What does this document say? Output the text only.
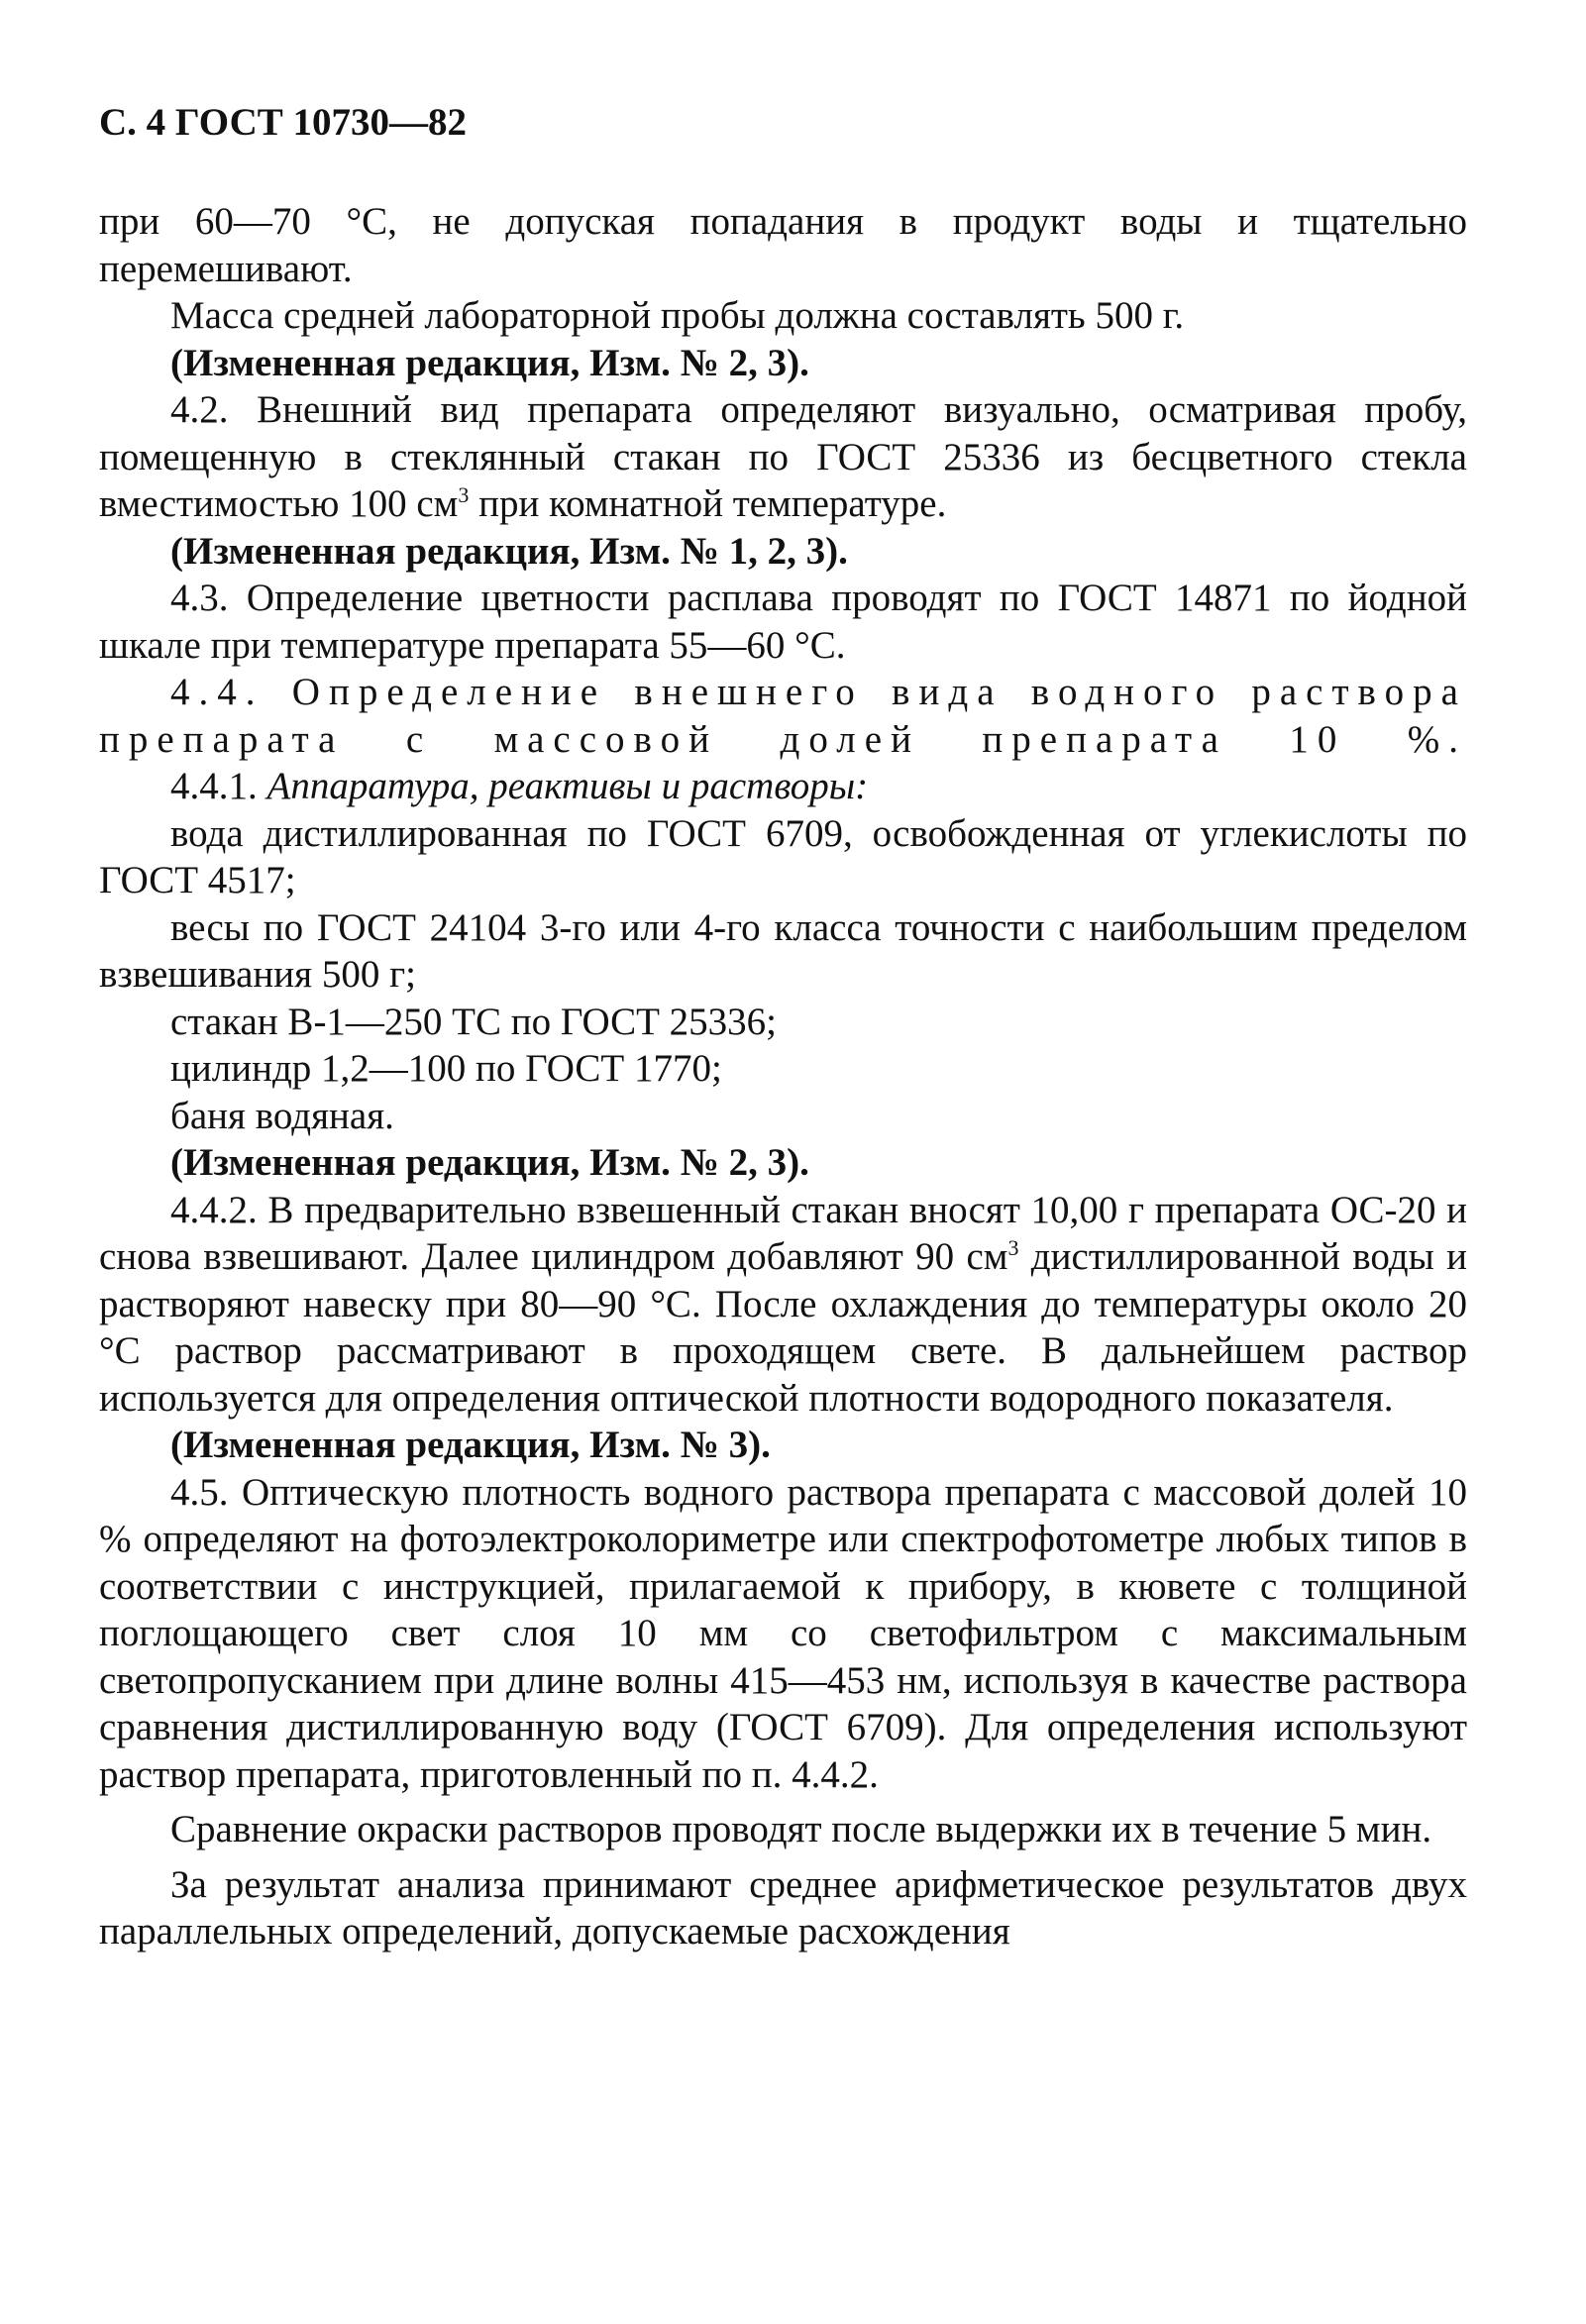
С. 4 ГОСТ 10730—82

при 60—70 °С, не допуская попадания в продукт воды и тщательно перемешивают.

Масса средней лабораторной пробы должна составлять 500 г.

(Измененная редакция, Изм. № 2, 3).

4.2. Внешний вид препарата определяют визуально, осматривая пробу, помещенную в стеклянный стакан по ГОСТ 25336 из бесцветного стекла вместимостью 100 $см^3$ при комнатной температуре.

(Измененная редакция, Изм. № 1, 2, 3).

4.3. Определение цветности расплава проводят по ГОСТ 14871 по йодной шкале при температуре препарата 55—60 °С.

4.4. Определение внешнего вида водного раствора препарата с массовой долей препарата 10 %.

4.4.1. Аппаратура, реактивы и растворы:

вода дистиллированная по ГОСТ 6709, освобожденная от углекислоты по ГОСТ 4517;

весы по ГОСТ 24104 3-го или 4-го класса точности с наибольшим пределом взвешивания 500 г;

стакан В-1—250 ТС по ГОСТ 25336;

цилиндр 1,2—100 по ГОСТ 1770;

баня водяная.

(Измененная редакция, Изм. № 2, 3).

4.4.2. В предварительно взвешенный стакан вносят 10,00 г препарата ОС-20 и снова взвешивают. Далее цилиндром добавляют 90 $см^3$ дистиллированной воды и растворяют навеску при 80—90 °С. После охлаждения до температуры около 20 °С раствор рассматривают в проходящем свете. В дальнейшем раствор используется для определения оптической плотности водородного показателя.

(Измененная редакция, Изм. № 3).

4.5. Оптическую плотность водного раствора препарата с массовой долей 10 % определяют на фотоэлектроколориметре или спектрофотометре любых типов в соответствии с инструкцией, прилагаемой к прибору, в кювете с толщиной поглощающего свет слоя 10 мм со светофильтром с максимальным светопропусканием при длине волны 415—453 нм, используя в качестве раствора сравнения дистиллированную воду (ГОСТ 6709). Для определения используют раствор препарата, приготовленный по п. 4.4.2.

Сравнение окраски растворов проводят после выдержки их в течение 5 мин.

За результат анализа принимают среднее арифметическое результатов двух параллельных определений, допускаемые расхождения
